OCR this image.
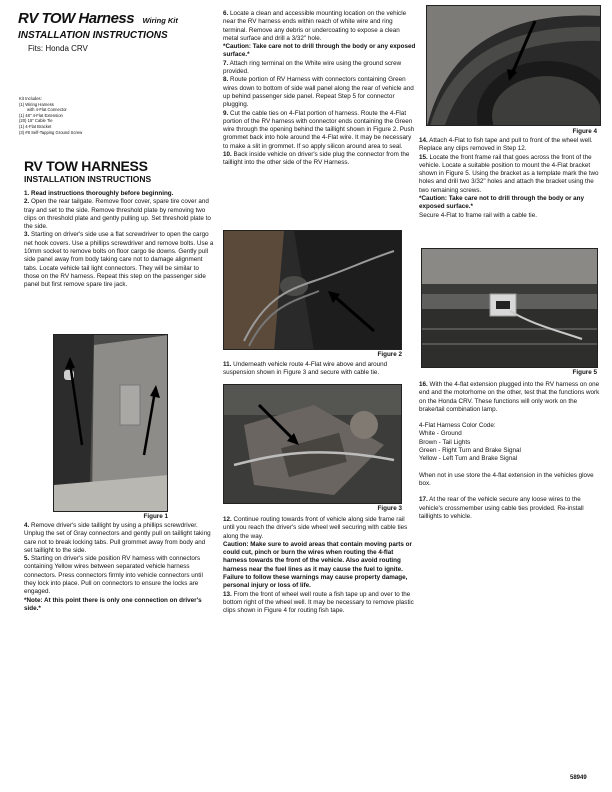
RV TOW Harness Wiring Kit
INSTALLATION INSTRUCTIONS
Fits: Honda CRV
Kit Includes:
(1) Wiring Harness
with 4-Flat Connector
(1) 48" 4-Flat Extension
(20) 15" Cable Tie
(1) 4-Flat Bracket
(3) #8 Self-Tapping Ground Screw
RV TOW HARNESS
INSTALLATION INSTRUCTIONS

1. Read instructions thoroughly before beginning.

2. Open the rear tailgate. Remove floor cover, spare tire cover and tray and set to the side. Remove threshold plate by removing two clips on threshold plate and gently pulling up. Set threshold plate to the side.

3. Starting on driver's side use a flat screwdriver to open the cargo net hook covers. Use a phillips screwdriver and remove bolts. Use a 10mm socket to remove bolts on floor cargo tie downs. Gently pull side panel away from body taking care not to damage alignment tabs. Locate vehicle tail light connectors. They will be similar to those on the RV harness. Repeat this step on the passenger side panel but first remove spare tire jack.

Figure 1

4. Remove driver's side taillight by using a phillips screwdriver. Unplug the set of Gray connectors and gently pull on taillight taking care not to break locking tabs. Pull grommet away from body and set taillight to the side.

5. Starting on driver's side position RV harness with connectors containing Yellow wires between separated vehicle harness connectors. Press connectors firmly into vehicle connectors until they lock into place. Pull on connectors to ensure the locks are engaged.

*Note: At this point there is only one connection on driver's side.*

6. Locate a clean and accessible mounting location on the vehicle near the RV harness ends within reach of white wire and ring terminal. Remove any debris or undercoating to expose a clean metal surface and drill a 3/32" hole.

*Caution: Take care not to drill through the body or any exposed surface.*

7. Attach ring terminal on the White wire using the ground screw provided.

8. Route portion of RV Harness with connectors containing Green wires down to bottom of side wall panel along the rear of vehicle and up behind passenger side panel. Repeat Step 5 for connector plugging.

9. Cut the cable ties on 4-Flat portion of harness. Route the 4-Flat portion of the RV harness with connector ends containing the Green wire through the opening behind the taillight shown in Figure 2. Push grommet back into hole around the 4-Flat wire. It may be necessary to make a slit in grommet. If so apply silicon around area to seal.

10. Back inside vehicle on driver's side plug the connector from the taillight into the other side of the RV Harness.

Figure 2

11. Underneath vehicle route 4-Flat wire above and around suspension shown in Figure 3 and secure with cable tie.

Figure 3

12. Continue routing towards front of vehicle along side frame rail until you reach the driver's side wheel well securing with cable ties along the way.

Caution: Make sure to avoid areas that contain moving parts or could cut, pinch or burn the wires when routing the 4-flat harness towards the front of the vehicle. Also avoid routing harness near the fuel lines as it may cause the fuel to ignite.

Failure to follow these warnings may cause property damage, personal injury or loss of life.

13. From the front of wheel well route a fish tape up and over to the bottom right of the wheel well. It may be necessary to remove plastic clips shown in Figure 4 for routing fish tape.

Figure 4

14. Attach 4-Flat to fish tape and pull to front of the wheel well. Replace any clips removed in Step 12.

15. Locate the front frame rail that goes across the front of the vehicle. Locate a suitable position to mount the 4-Flat bracket shown in Figure 5. Using the bracket as a template mark the two holes and drill two 3/32" holes and attach the bracket using the two remaining screws.

*Caution: Take care not to drill through the body or any exposed surface.*

Secure 4-Flat to frame rail with a cable tie.

Figure 5

16. With the 4-flat extension plugged into the RV harness on one end and the motorhome on the other, test that the functions work on the Honda CRV. These functions will only work on the brake/tail combination lamp.

4-Flat Harness Color Code:
White - Ground
Brown - Tail Lights
Green - Right Turn and Brake Signal
Yellow - Left Turn and Brake Signal

When not in use store the 4-flat extension in the vehicles glove box.

17. At the rear of the vehicle secure any loose wires to the vehicle's crossmember using cable ties provided. Re-install taillights to vehicle.

58949
